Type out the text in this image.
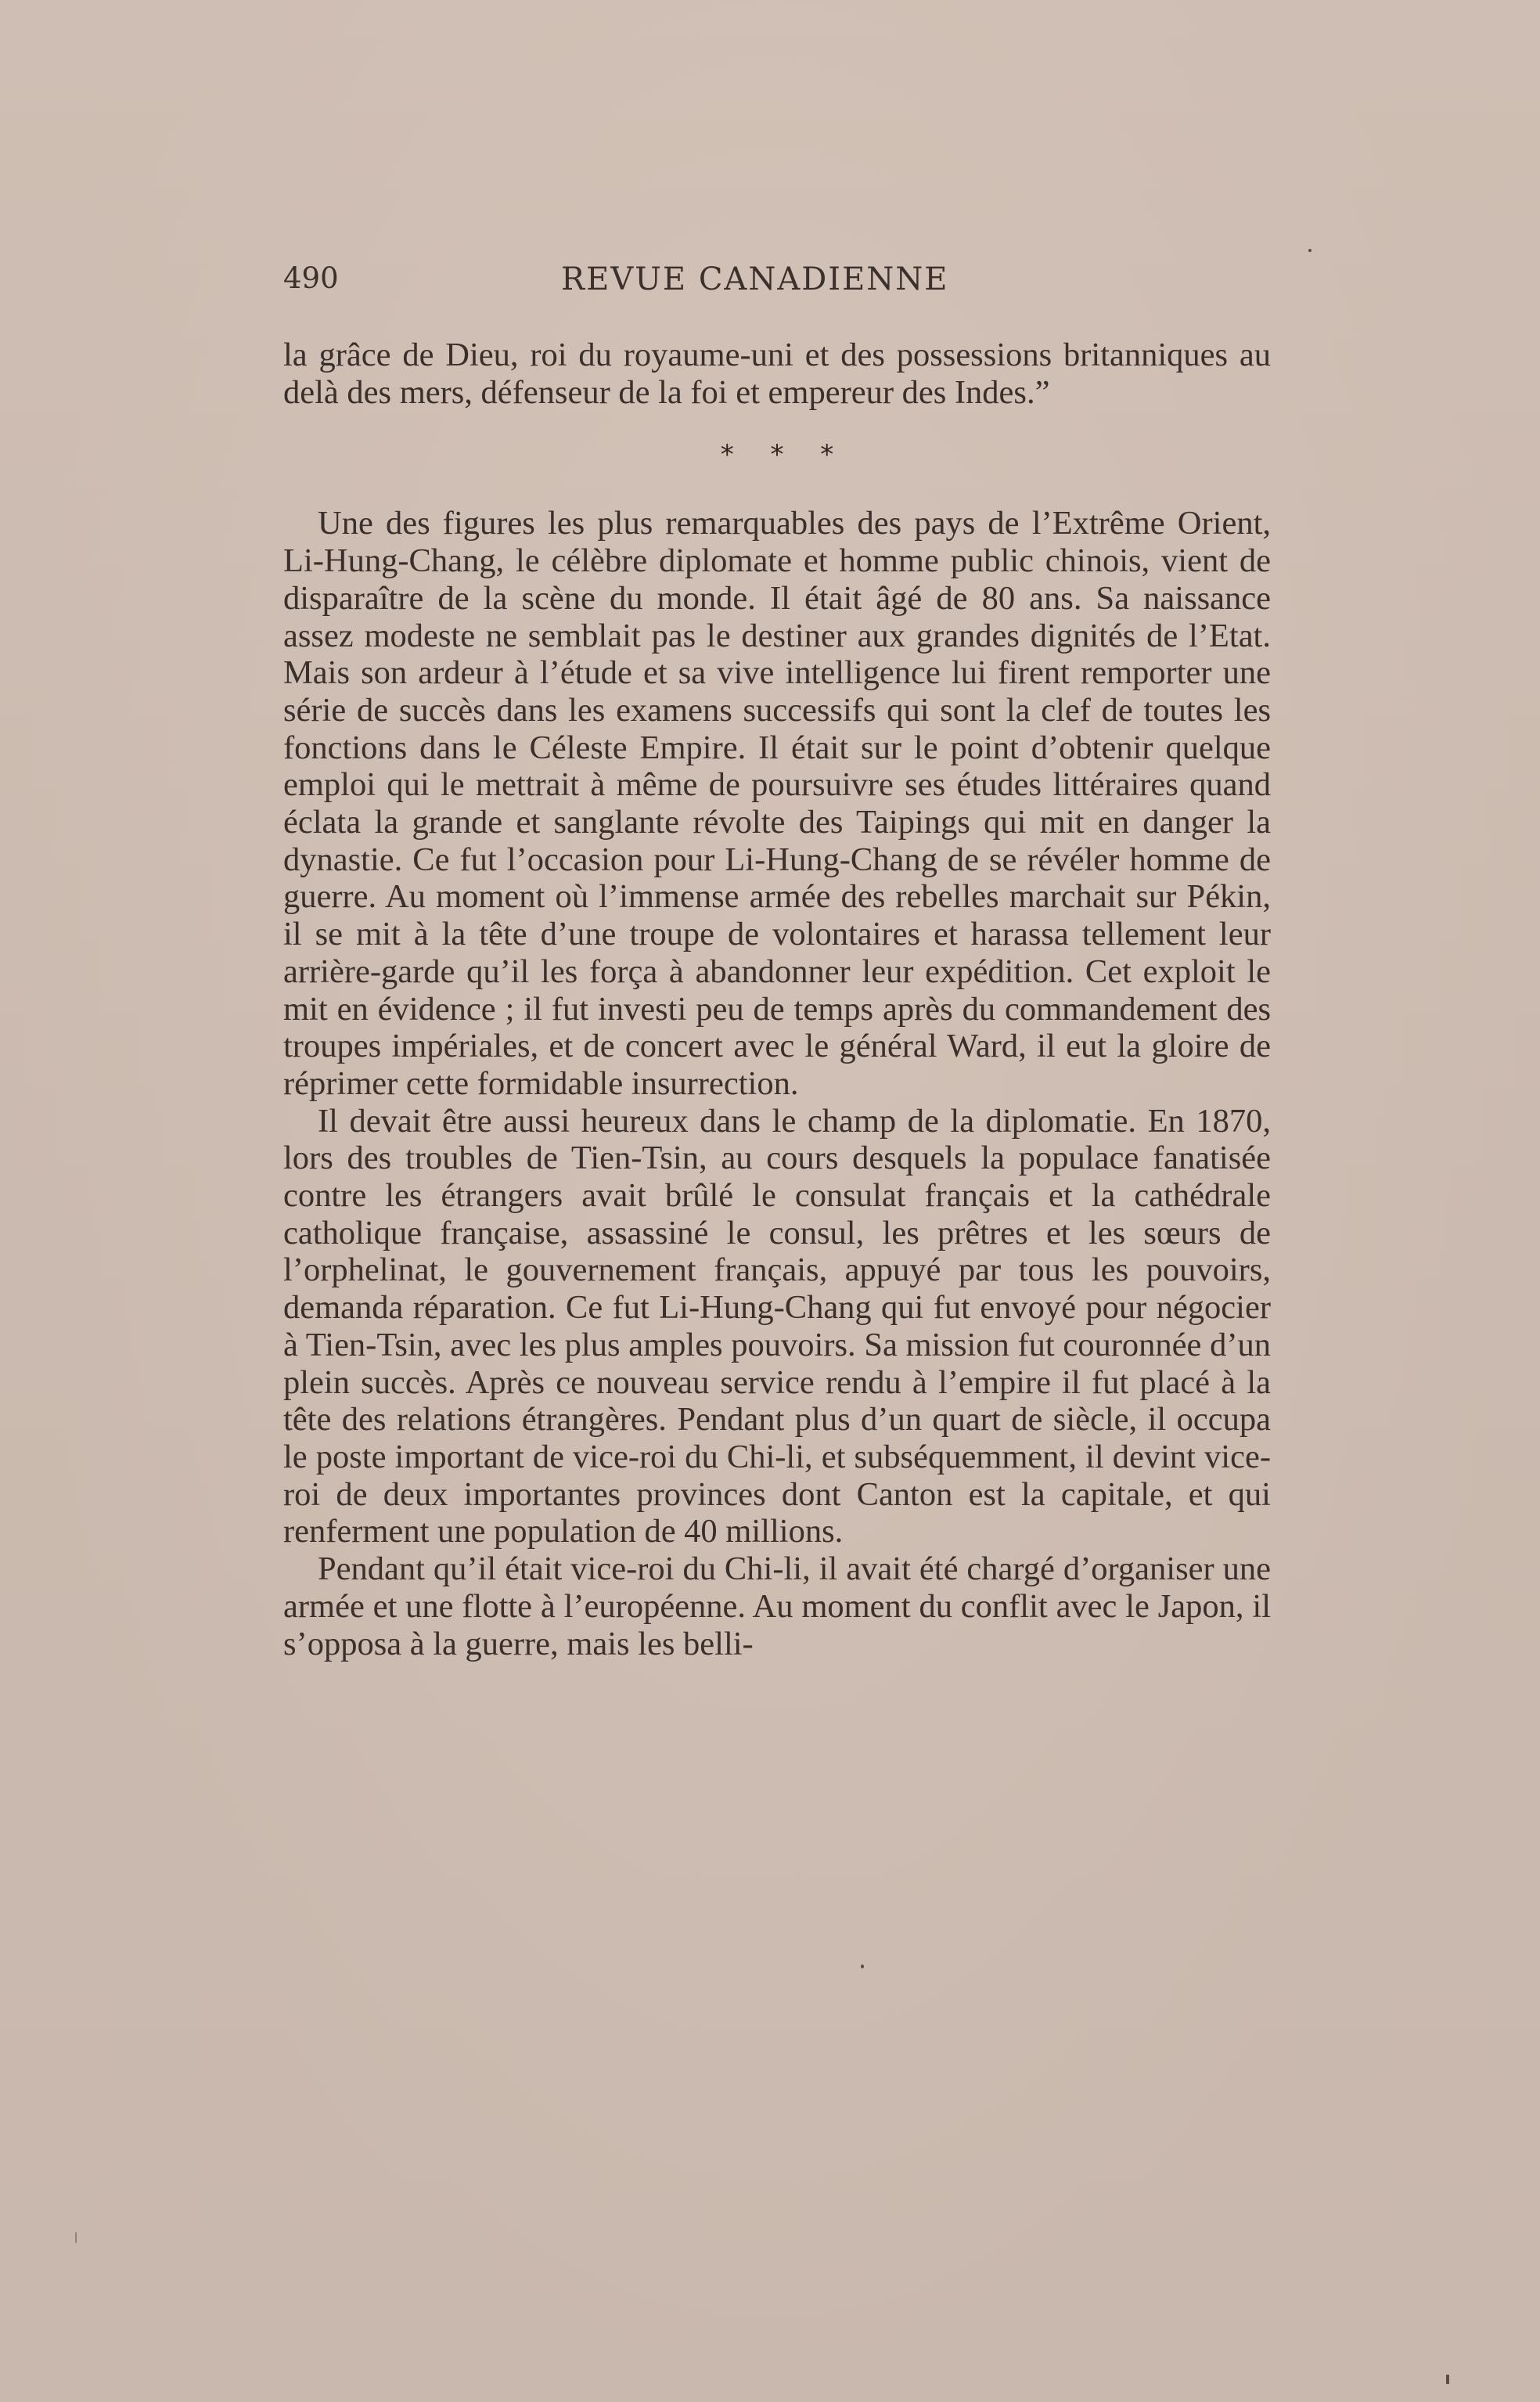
490	REVUE CANADIENNE

la grâce de Dieu, roi du royaume-uni et des possessions britanniques au delà des mers, défenseur de la foi et empereur des Indes.”

* * *

Une des figures les plus remarquables des pays de l’Extrême Orient, Li-Hung-Chang, le célèbre diplomate et homme public chinois, vient de disparaître de la scène du monde. Il était âgé de 80 ans. Sa naissance assez modeste ne semblait pas le destiner aux grandes dignités de l’Etat. Mais son ardeur à l’étude et sa vive intelligence lui firent remporter une série de succès dans les examens successifs qui sont la clef de toutes les fonctions dans le Céleste Empire. Il était sur le point d’obtenir quelque emploi qui le mettrait à même de poursuivre ses études littéraires quand éclata la grande et sanglante révolte des Taipings qui mit en danger la dynastie. Ce fut l’occasion pour Li-Hung-Chang de se révéler homme de guerre. Au moment où l’immense armée des rebelles marchait sur Pékin, il se mit à la tête d’une troupe de volontaires et harassa tellement leur arrière-garde qu’il les força à abandonner leur expédition. Cet exploit le mit en évidence ; il fut investi peu de temps après du commandement des troupes impériales, et de concert avec le général Ward, il eut la gloire de réprimer cette formidable insurrection.

Il devait être aussi heureux dans le champ de la diplomatie. En 1870, lors des troubles de Tien-Tsin, au cours desquels la populace fanatisée contre les étrangers avait brûlé le consulat français et la cathédrale catholique française, assassiné le consul, les prêtres et les sœurs de l’orphelinat, le gouvernement français, appuyé par tous les pouvoirs, demanda réparation. Ce fut Li-Hung-Chang qui fut envoyé pour négocier à Tien-Tsin, avec les plus amples pouvoirs. Sa mission fut couronnée d’un plein succès. Après ce nouveau service rendu à l’empire il fut placé à la tête des relations étrangères. Pendant plus d’un quart de siècle, il occupa le poste important de vice-roi du Chi-li, et subséquemment, il devint vice-roi de deux importantes provinces dont Canton est la capitale, et qui renferment une population de 40 millions.

Pendant qu’il était vice-roi du Chi-li, il avait été chargé d’organiser une armée et une flotte à l’européenne. Au moment du conflit avec le Japon, il s’opposa à la guerre, mais les belli-
